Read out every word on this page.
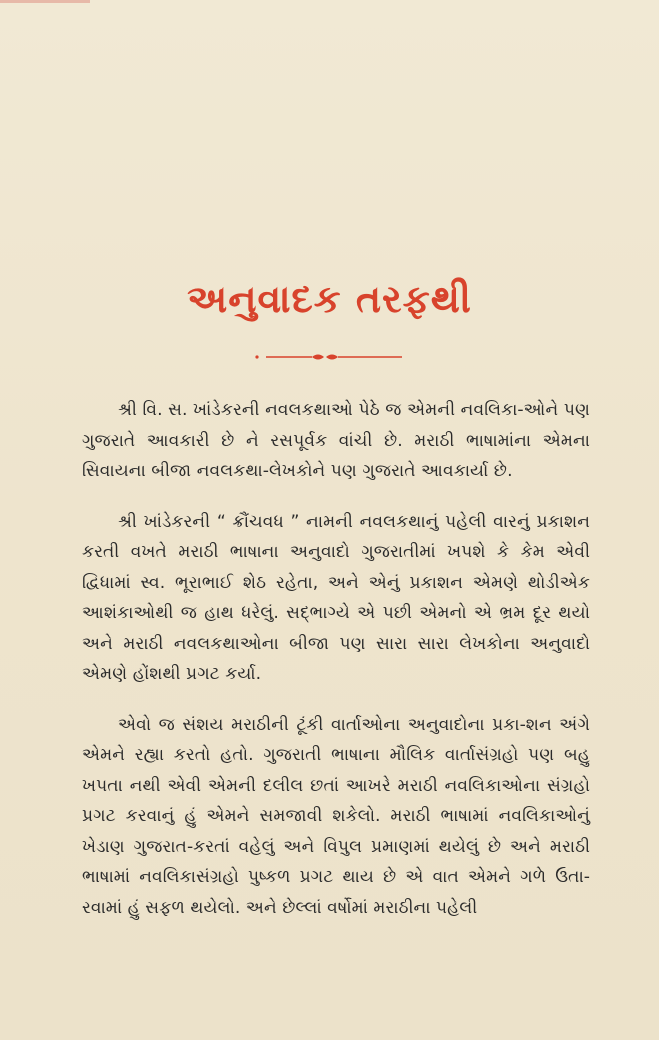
અનુવાદક તરફથી

શ્રી વિ. સ. ખાંડેકરની નવલકથાઓ પેઠે જ એમની નવલિકા-ઓને પણ ગુજરાતે આવકારી છે ને રસપૂર્વક વાંચી છે. મરાઠી ભાષામાંના એમના સિવાયના બીજા નવલકથા-લેખકોને પણ ગુજરાતે આવકાર્યા છે.

શ્રી ખાંડેકરની “ ક્રૌંચવધ ” નામની નવલકથાનું પહેલી વારનું પ્રકાશન કરતી વખતે મરાઠી ભાષાના અનુવાદો ગુજરાતીમાં ખપશે કે કેમ એવી દ્વિધામાં સ્વ. ભૂરાભાઈ શેઠ રહેતા, અને એનું પ્રકાશન એમણે થોડીએક આશંકાઓથી જ હાથ ધરેલું. સદ્ભાગ્યે એ પછી એમનો એ ભ્રમ દૂર થયો અને મરાઠી નવલકથાઓના બીજા પણ સારા સારા લેખકોના અનુવાદો એમણે હોંશથી પ્રગટ કર્યા.

એવો જ સંશય મરાઠીની ટૂંકી વાર્તાઓના અનુવાદોના પ્રકા-શન અંગે એમને રહ્યા કરતો હતો. ગુજરાતી ભાષાના મૌલિક વાર્તાસંગ્રહો પણ બહુ ખપતા નથી એવી એમની દલીલ છતાં આખરે મરાઠી નવલિકાઓના સંગ્રહો પ્રગટ કરવાનું હું એમને સમજાવી શકેલો. મરાઠી ભાષામાં નવલિકાઓનું ખેડાણ ગુજરાત-કરતાં વહેલું અને વિપુલ પ્રમાણમાં થયેલું છે અને મરાઠી ભાષામાં નવલિકાસંગ્રહો પુષ્કળ પ્રગટ થાય છે એ વાત એમને ગળે ઉતા-રવામાં હું સફળ થયેલો. અને છેલ્લાં વર્ષોમાં મરાઠીના પહેલી
